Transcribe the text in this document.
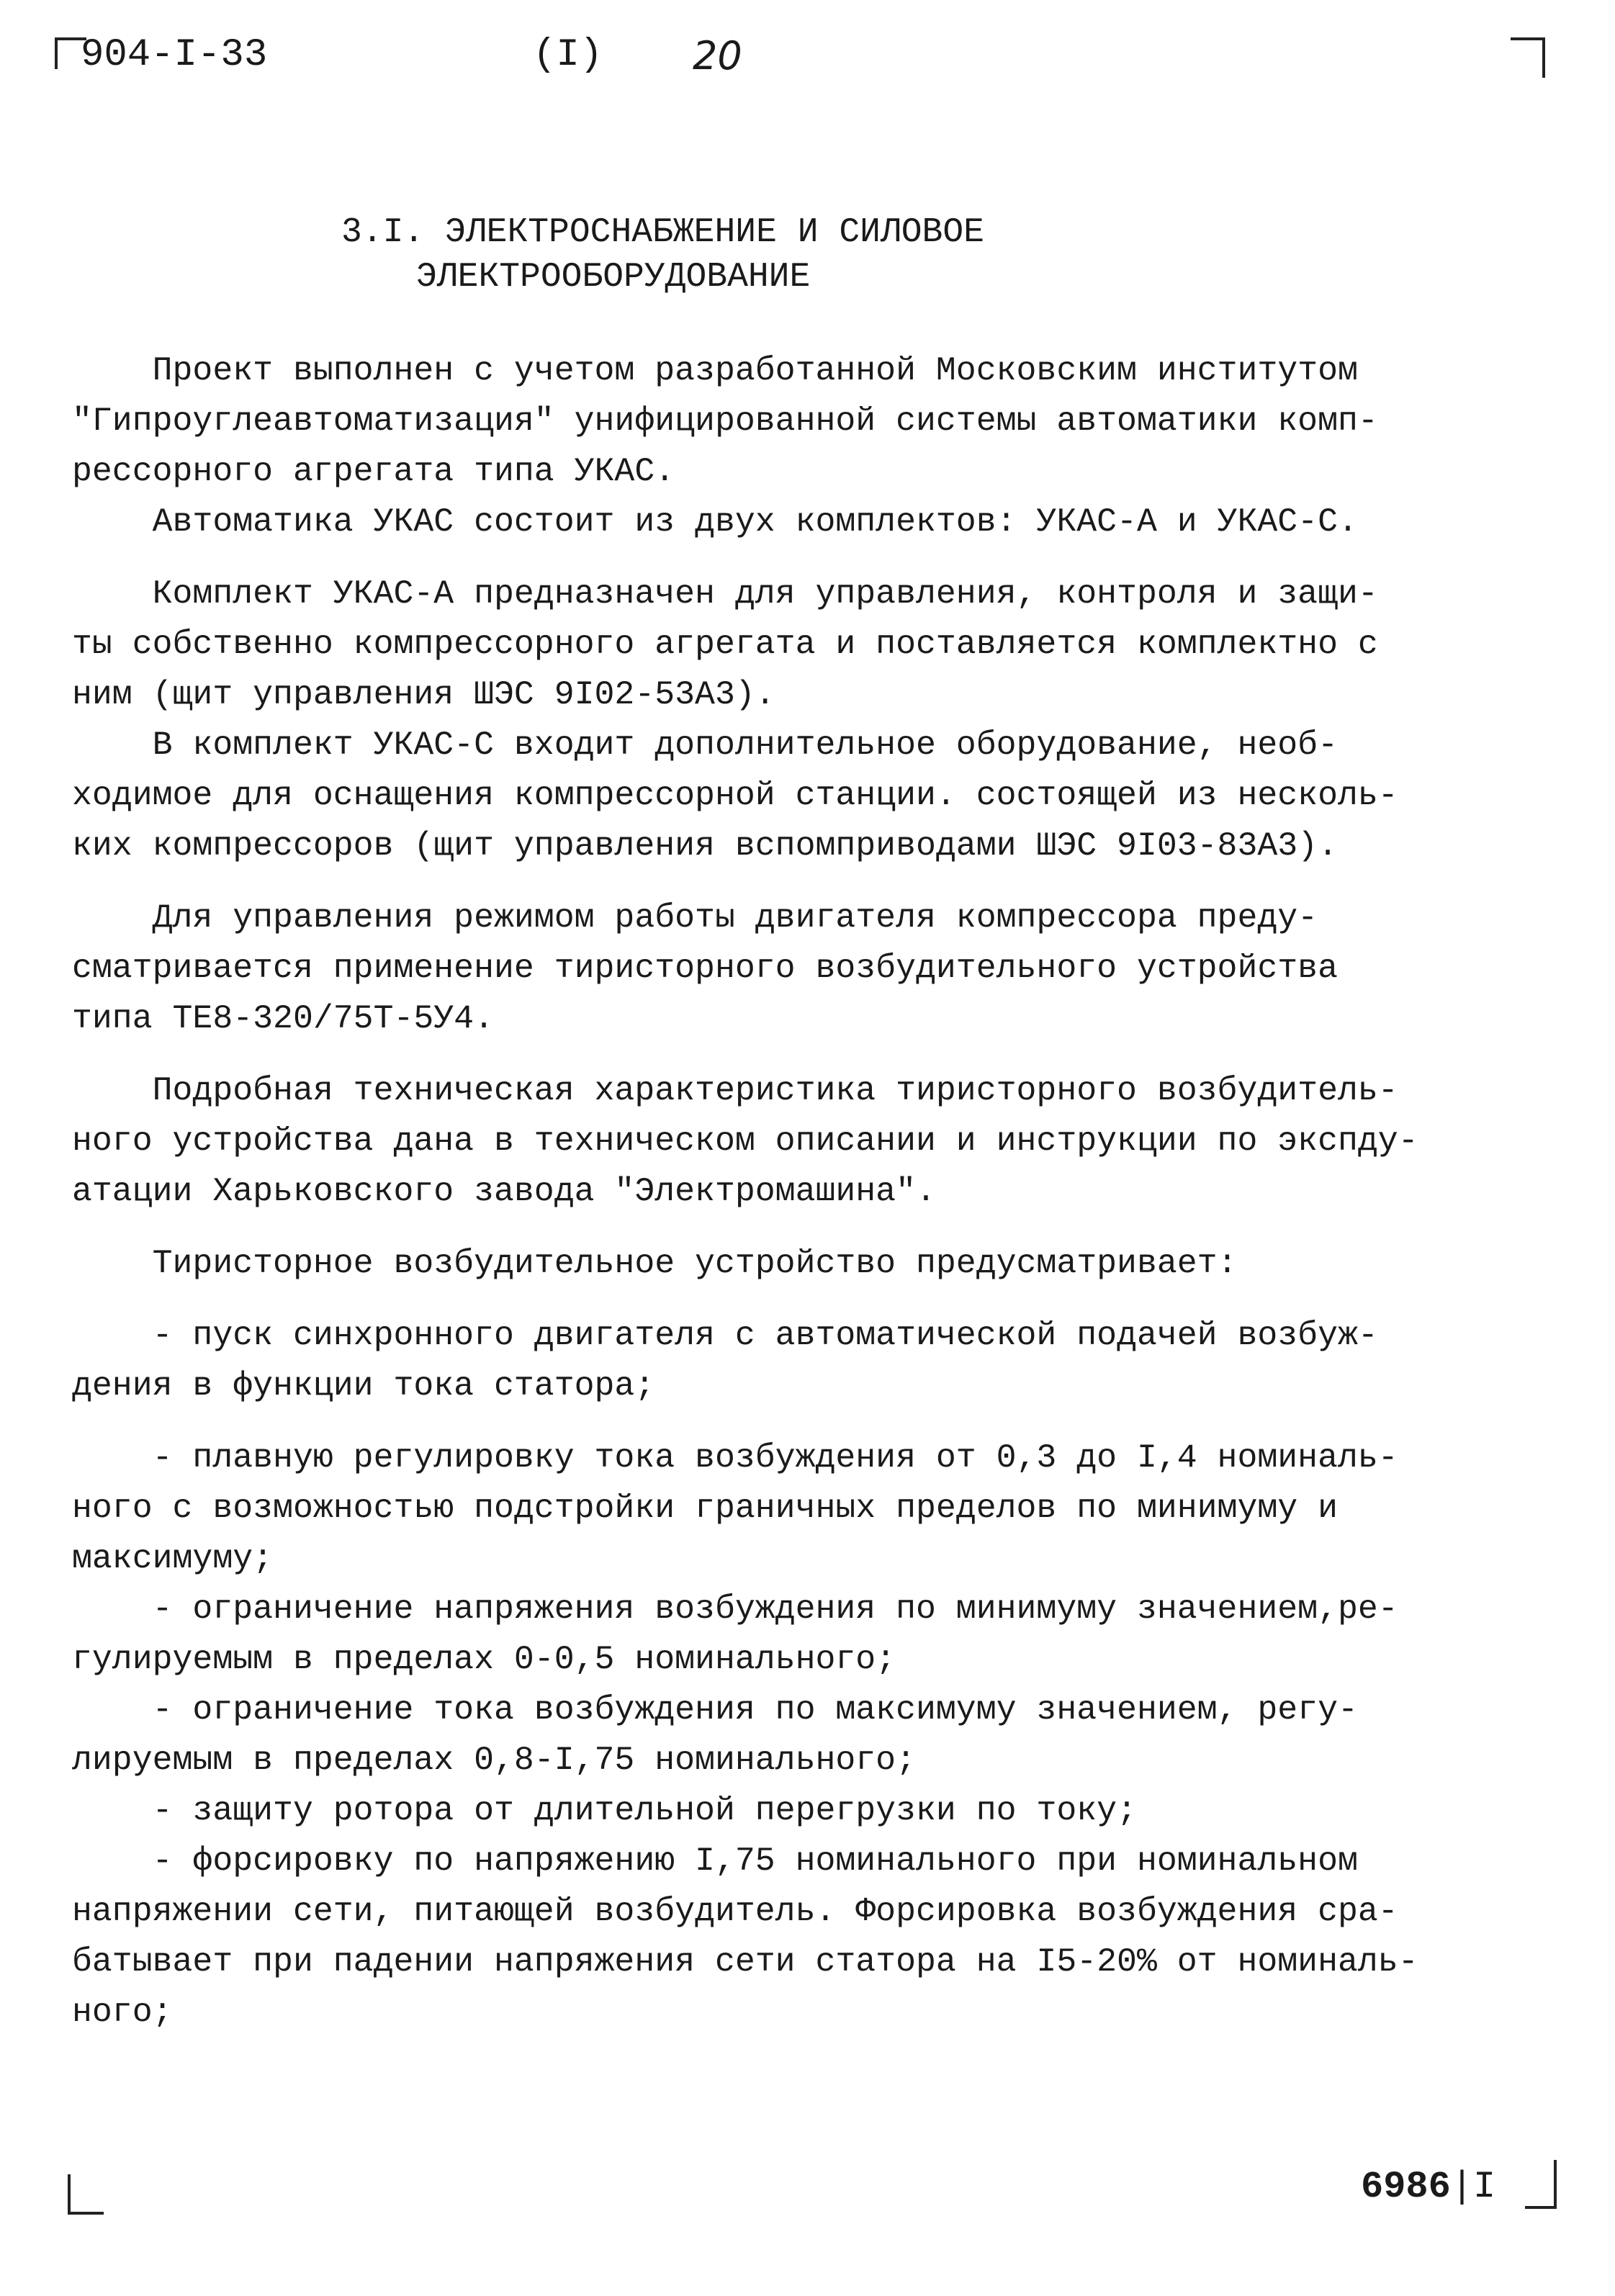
904-I-33	(I) 20
3.I. ЭЛЕКТРОСНАБЖЕНИЕ И СИЛОВОЕ
ЭЛЕКТРООБОРУДОВАНИЕ

Проект выполнен с учетом разработанной Московским институтом

"Гипроуглеавтоматизация" унифицированной системы автоматики комп-

рессорного агрегата типа УКАС.

Автоматика УКАС состоит из двух комплектов: УКАС-А и УКАС-С.

Комплект УКАС-А предназначен для управления, контроля и защи-

ты собственно компрессорного агрегата и поставляется комплектно с

ним (щит управления ШЭС 9I02-53А3).

В комплект УКАС-С входит дополнительное оборудование, необ-

ходимое для оснащения компрессорной станции. состоящей из несколь-

ких компрессоров (щит управления вспомприводами ШЭС 9I03-83А3).

Для управления режимом работы двигателя компрессора преду-

сматривается применение тиристорного возбудительного устройства

типа ТЕ8-320/75Т-5У4.

Подробная техническая характеристика тиристорного возбудитель-

ного устройства дана в техническом описании и инструкции по экспду-

атации Харьковского завода "Электромашина".

Тиристорное возбудительное устройство предусматривает:

- пуск синхронного двигателя с автоматической подачей возбуж-

дения в функции тока статора;

- плавную регулировку тока возбуждения от 0,3 до I,4 номиналь-

ного с возможностью подстройки граничных пределов по минимуму и

максимуму;

- ограничение напряжения возбуждения по минимуму значением,ре-

гулируемым в пределах 0-0,5 номинального;

- ограничение тока возбуждения по максимуму значением, регу-

лируемым в пределах 0,8-I,75 номинального;

- защиту ротора от длительной перегрузки по току;

- форсировку по напряжению I,75 номинального при номинальном

напряжении сети, питающей возбудитель. Форсировка возбуждения сра-

батывает при падении напряжения сети статора на I5-20% от номиналь-

ного;

6986|I
